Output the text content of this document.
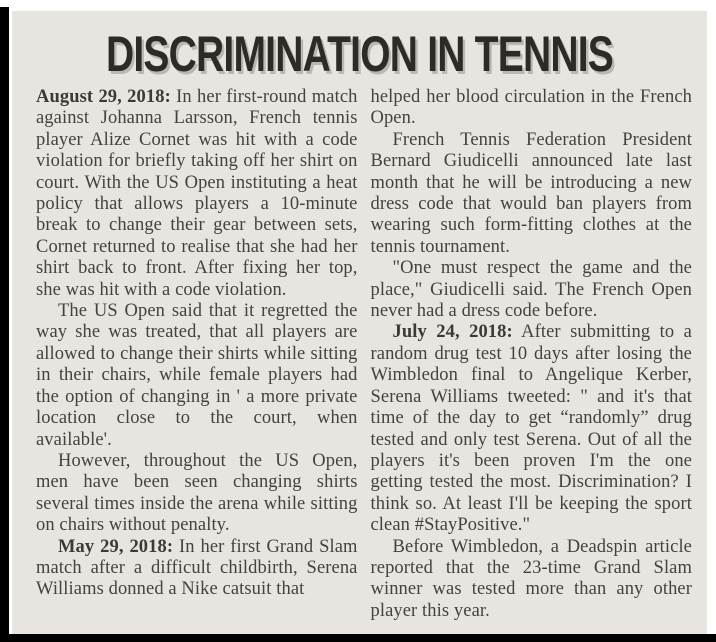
DISCRIMINATION IN TENNIS

August 29, 2018: In her first-round match against Johanna Larsson, French tennis player Alize Cornet was hit with a code violation for briefly taking off her shirt on court. With the US Open instituting a heat policy that allows players a 10-minute break to change their gear between sets, Cornet returned to realise that she had her shirt back to front. After fixing her top, she was hit with a code violation.

The US Open said that it regretted the way she was treated, that all players are allowed to change their shirts while sitting in their chairs, while female players had the option of changing in ' a more private location close to the court, when available'.

However, throughout the US Open, men have been seen changing shirts several times inside the arena while sitting on chairs without penalty.

May 29, 2018: In her first Grand Slam match after a difficult childbirth, Serena Williams donned a Nike catsuit that

helped her blood circulation in the French Open.

French Tennis Federation President Bernard Giudicelli announced late last month that he will be introducing a new dress code that would ban players from wearing such form-fitting clothes at the tennis tournament.

"One must respect the game and the place," Giudicelli said. The French Open never had a dress code before.

July 24, 2018: After submitting to a random drug test 10 days after losing the Wimbledon final to Angelique Kerber, Serena Williams tweeted: " and it's that time of the day to get “randomly” drug tested and only test Serena. Out of all the players it's been proven I'm the one getting tested the most. Discrimination? I think so. At least I'll be keeping the sport clean #StayPositive."

Before Wimbledon, a Deadspin article reported that the 23-time Grand Slam winner was tested more than any other player this year.
